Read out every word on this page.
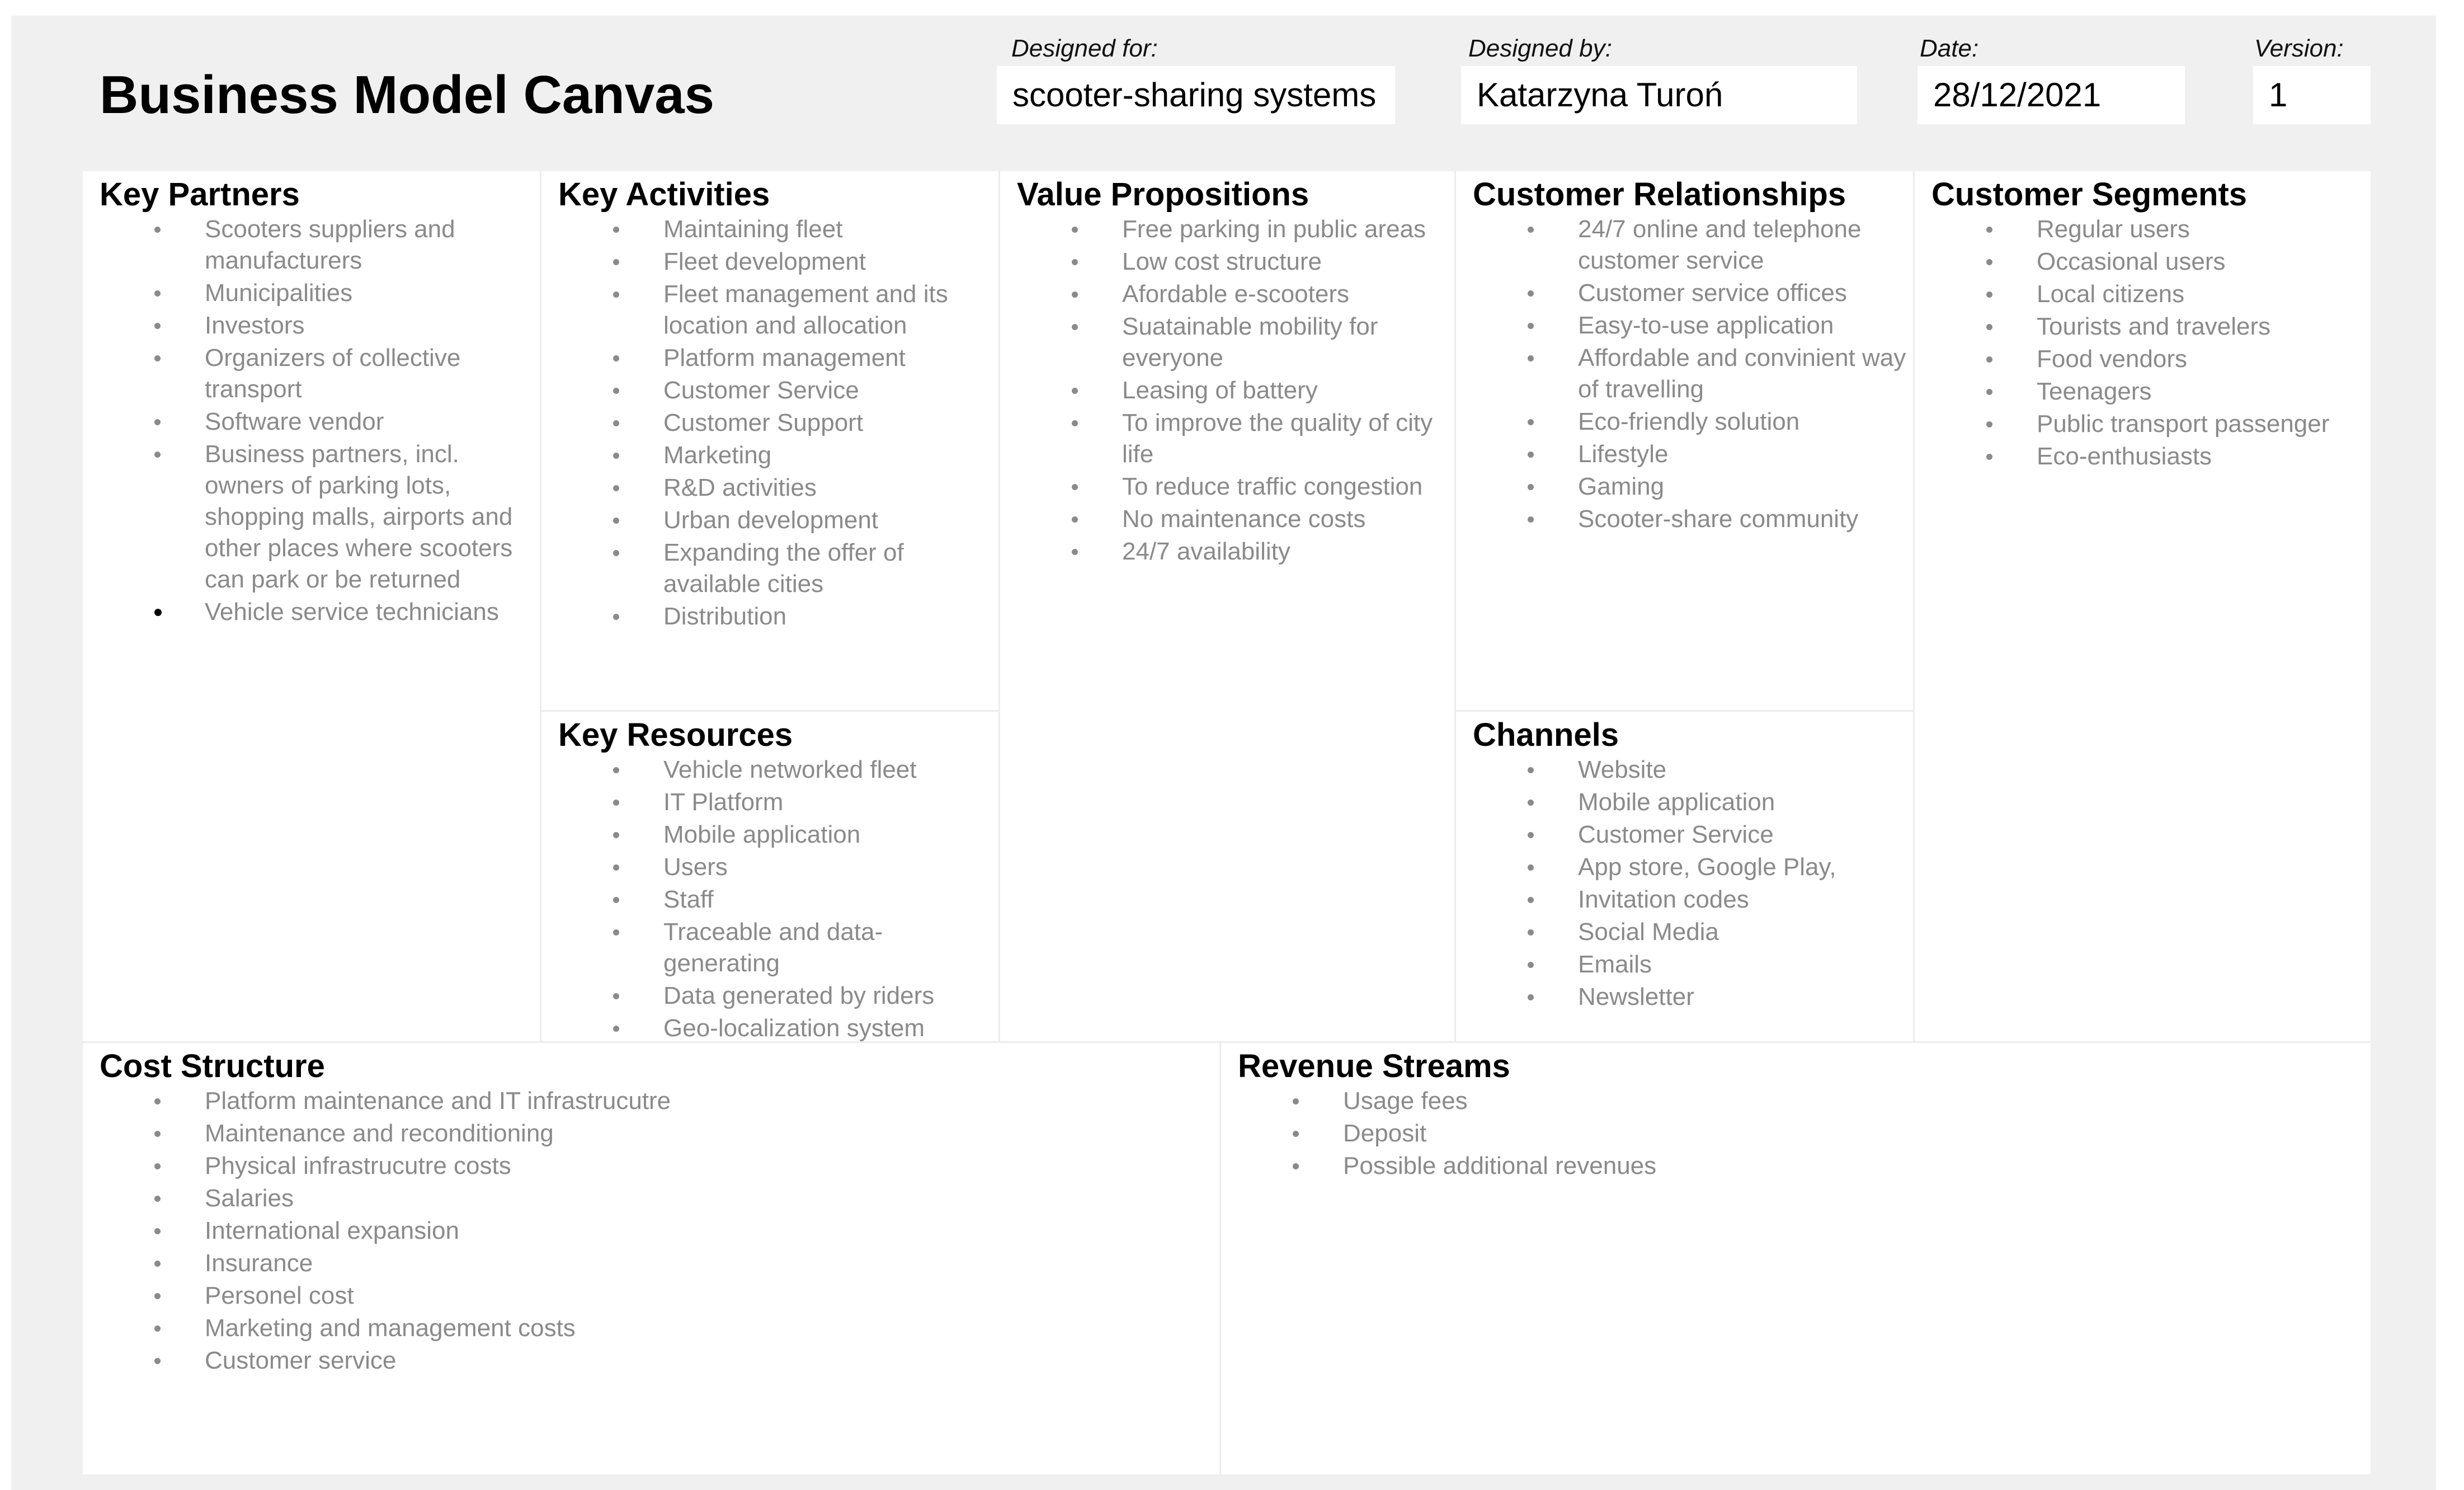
Business Model Canvas
Designed for:
scooter-sharing systems
Designed by:
Katarzyna Turoń
Date:
28/12/2021
Version:
1
Key Partners
Scooters suppliers and manufacturers
Municipalities
Investors
Organizers of collective transport
Software vendor
Business partners, incl. owners of parking lots, shopping malls, airports and other places where scooters can park or be returned
Vehicle service technicians
Key Activities
Maintaining fleet
Fleet development
Fleet management and its location and allocation
Platform management
Customer Service
Customer Support
Marketing
R&D activities
Urban development
Expanding the offer of available cities
Distribution
Key Resources
Vehicle networked fleet
IT Platform
Mobile application
Users
Staff
Traceable and data-generating
Data generated by riders
Geo-localization system
Value Propositions
Free parking in public areas
Low cost structure
Afordable e-scooters
Suatainable mobility for everyone
Leasing of battery
To improve the quality of city life
To reduce traffic congestion
No maintenance costs
24/7 availability
Customer Relationships
24/7 online and telephone customer service
Customer service offices
Easy-to-use application
Affordable and convinient way of travelling
Eco-friendly solution
Lifestyle
Gaming
Scooter-share community
Channels
Website
Mobile application
Customer Service
App store, Google Play,
Invitation codes
Social Media
Emails
Newsletter
Customer Segments
Regular users
Occasional users
Local citizens
Tourists and travelers
Food vendors
Teenagers
Public transport passenger
Eco-enthusiasts
Cost Structure
Platform maintenance and IT infrastrucutre
Maintenance and reconditioning
Physical infrastrucutre costs
Salaries
International expansion
Insurance
Personel cost
Marketing and management costs
Customer service
Revenue Streams
Usage fees
Deposit
Possible additional revenues
